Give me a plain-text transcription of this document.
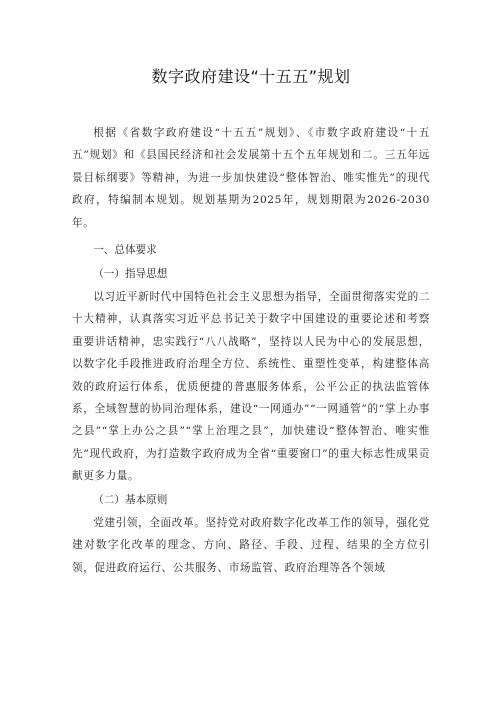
数字政府建设“十五五”规划

根据《省数字政府建设“十五五”规划》、《市数字政府建设“十五五”规划》和《县国民经济和社会发展第十五个五年规划和二。三五年远景目标纲要》等精神，为进一步加快建设“整体智治、唯实惟先”的现代政府，特编制本规划。规划基期为2025年，规划期限为2026-2030年。

一、总体要求

（一）指导思想

以习近平新时代中国特色社会主义思想为指导，全面贯彻落实党的二十大精神，认真落实习近平总书记关于数字中国建设的重要论述和考察重要讲话精神，忠实践行“八八战略”，坚持以人民为中心的发展思想，以数字化手段推进政府治理全方位、系统性、重塑性变革，构建整体高效的政府运行体系，优质便捷的普惠服务体系，公平公正的执法监管体系，全域智慧的协同治理体系，建设“一网通办”“一网通管”的“掌上办事之县”“掌上办公之县”“掌上治理之县”，加快建设“整体智治、唯实惟先”现代政府，为打造数字政府成为全省“重要窗口”的重大标志性成果贡献更多力量。

（二）基本原则

党建引领，全面改革。坚持党对政府数字化改革工作的领导，强化党建对数字化改革的理念、方向、路径、手段、过程、结果的全方位引领，促进政府运行、公共服务、市场监管、政府治理等各个领域
